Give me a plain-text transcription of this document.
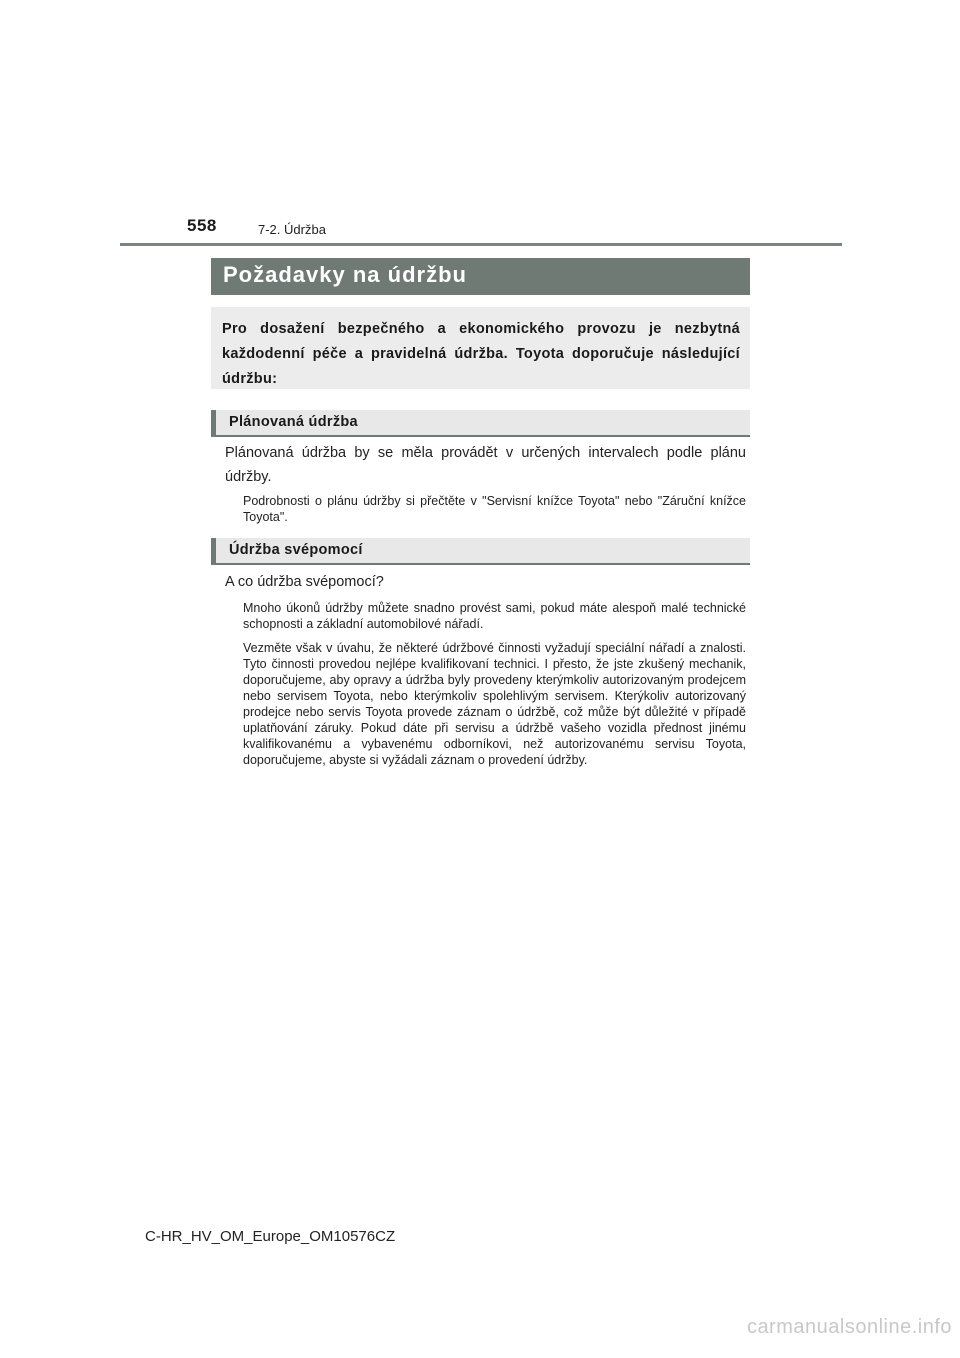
558	7-2. Údržba
Požadavky na údržbu
Pro dosažení bezpečného a ekonomického provozu je nezbytná každodenní péče a pravidelná údržba. Toyota doporučuje následující údržbu:
Plánovaná údržba
Plánovaná údržba by se měla provádět v určených intervalech podle plánu údržby.
Podrobnosti o plánu údržby si přečtěte v "Servisní knížce Toyota" nebo "Záruční knížce Toyota".
Údržba svépomocí
A co údržba svépomocí?
Mnoho úkonů údržby můžete snadno provést sami, pokud máte alespoň malé technické schopnosti a základní automobilové nářadí.
Vezměte však v úvahu, že některé údržbové činnosti vyžadují speciální nářadí a znalosti. Tyto činnosti provedou nejlépe kvalifikovaní technici. I přesto, že jste zkušený mechanik, doporučujeme, aby opravy a údržba byly provedeny kterýmkoliv autorizovaným prodejcem nebo servisem Toyota, nebo kterýmkoliv spolehlivým servisem. Kterýkoliv autorizovaný prodejce nebo servis Toyota provede záznam o údržbě, což může být důležité v případě uplatňování záruky. Pokud dáte při servisu a údržbě vašeho vozidla přednost jinému kvalifikovanému a vybavenému odborníkovi, než autorizovanému servisu Toyota, doporučujeme, abyste si vyžádali záznam o provedení údržby.
C-HR_HV_OM_Europe_OM10576CZ
carmanualsonline.info
